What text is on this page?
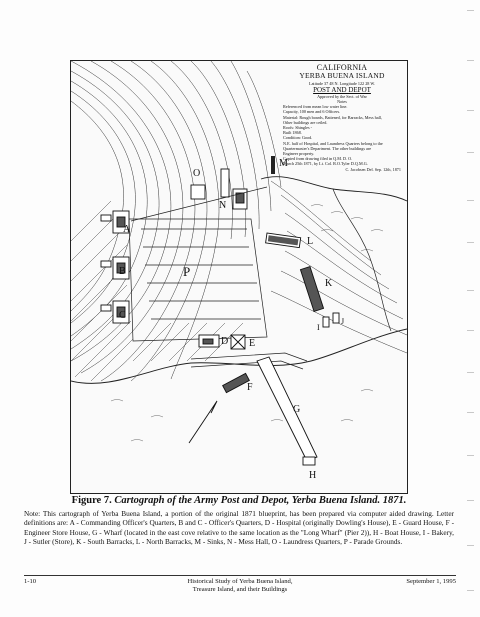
CALIFORNIA
YERBA BUENA ISLAND
Latitude 37 48 N. Longitude 122 28 W.
POST AND DEPOT
Approved by the Sect. of War
Notes
Referenced from mean low water line.
Capacity, 100 men and 6 Officers.
Material: Rough boards, Battened, for Barracks, Mess hall,
Other buildings are ceiled.
Roofs: Shingles -
Built 1868.
Condition: Good.
N.E. half of Hospital, and Laundress Quarters belong to the
Quartermaster's Department. The other buildings are
Engineer property.
Copied from drawing filed in Q.M. D. O.
March 25th 1871, by Lt. Col. R.O.Tyler D.Q.M.G.
C. Jacobsen Del. Sep. 12th, 1871
O
N
M
A
B
C
P
L
K
I
J
D E
F
G
H
Figure 7. Cartograph of the Army Post and Depot, Yerba Buena Island. 1871.
Note: This cartograph of Yerba Buena Island, a portion of the original 1871 blueprint, has been prepared via computer aided drawing. Letter definitions are: A - Commanding Officer's Quarters, B and C - Officer's Quarters, D - Hospital (originally Dowling's House), E - Guard House, F - Engineer Store House, G - Wharf (located in the east cove relative to the same location as the "Long Wharf" (Pier 2)), H - Boat House, I - Bakery, J - Sutler (Store), K - South Barracks, L - North Barracks, M - Sinks, N - Mess Hall, O - Laundress Quarters, P - Parade Grounds.
1-10	Historical Study of Yerba Buena Island,
Treasure Island, and their Buildings
September 1, 1995
